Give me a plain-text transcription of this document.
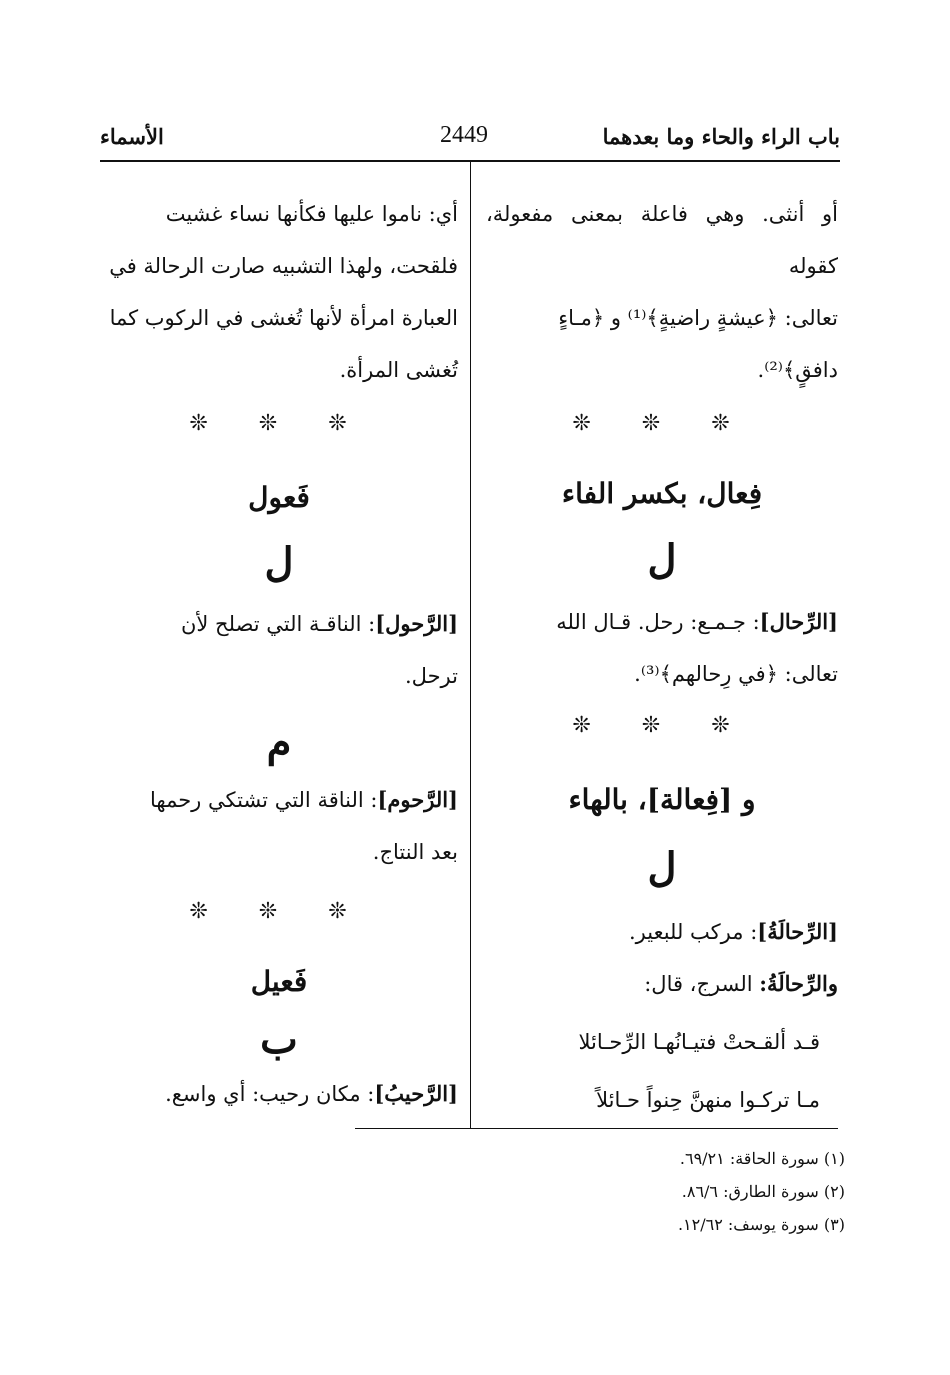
باب الراء والحاء وما بعدهما
2449
الأسماء

أو أنثى. وهي فاعلة بمعنى مفعولة، كقوله

تعالى: ﴿عيشةٍ راضيةٍ﴾⁽¹⁾ و ﴿مـاءٍ

دافقٍ﴾⁽²⁾.

❊ ❊ ❊

فِعال، بكسر الفاء

ل

[الرِّحال]: جـمـع: رحل. قـال الله

تعالى: ﴿في رِحالهم﴾⁽³⁾.

❊ ❊ ❊

و [فِعالة]، بالهاء

ل

[الرِّحالَةُ]: مركب للبعير.

والرِّحالَةُ: السرج، قال:

قـد ألقـحتْ فتيـانُهـا الرِّحـائلا

مـا تركـوا منهنَّ حِنواً حـائلاً

أي: ناموا عليها فكأنها نساء غشيت

فلقحت، ولهذا التشبيه صارت الرحالة في

العبارة امرأة لأنها تُغشى في الركوب كما

تُغشى المرأة.

❊ ❊ ❊

فَعول

ل

[الرَّحول]: الناقـة التي تصلح لأن

ترحل.

م

[الرَّحوم]: الناقة التي تشتكي رحمها

بعد النتاج.

❊ ❊ ❊

فَعيل

ب

[الرَّحيبُ]: مكان رحيب: أي واسع.

(١) سورة الحاقة: ٦٩/٢١.

(٢) سورة الطارق: ٨٦/٦.

(٣) سورة يوسف: ١٢/٦٢.
